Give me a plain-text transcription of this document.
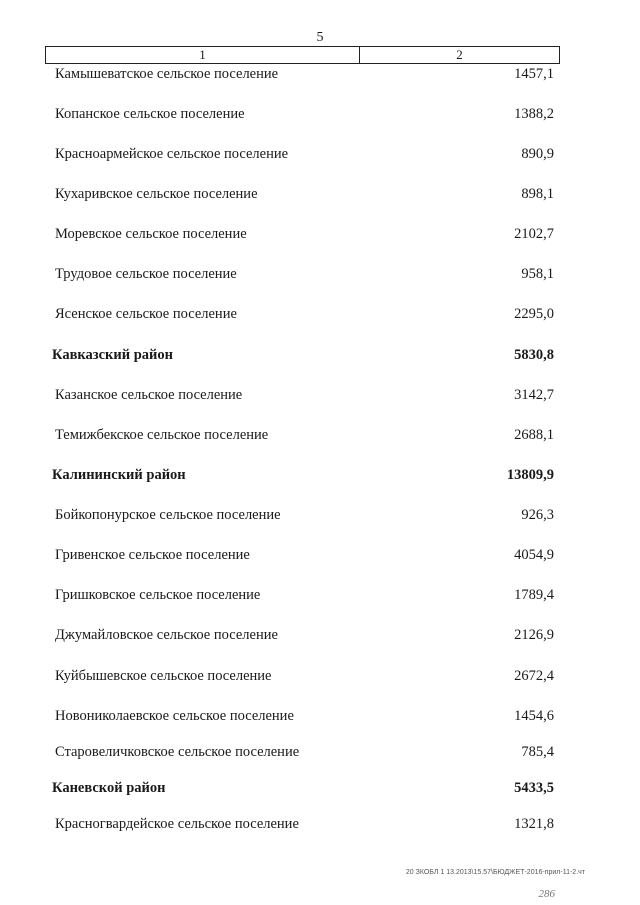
5
1	2
Камышеватское сельское поселение	1457,1
Копанское сельское поселение	1388,2
Красноармейское сельское поселение	890,9
Кухаривское сельское поселение	898,1
Моревское сельское поселение	2102,7
Трудовое сельское поселение	958,1
Ясенское сельское поселение	2295,0
Кавказский район	5830,8
Казанское сельское поселение	3142,7
Темижбекское сельское поселение	2688,1
Калининский район	13809,9
Бойкопонурское сельское поселение	926,3
Гривенское сельское поселение	4054,9
Гришковское сельское поселение	1789,4
Джумайловское сельское поселение	2126,9
Куйбышевское сельское поселение	2672,4
Новониколаевское сельское поселение	1454,6
Старовеличковское сельское поселение	785,4
Каневской район	5433,5
Красногвардейское сельское поселение	1321,8
20 ЗКОБЛ 1 13.2013\15.57\БЮДЖЕТ-2016-прил-11-2.чт
286
